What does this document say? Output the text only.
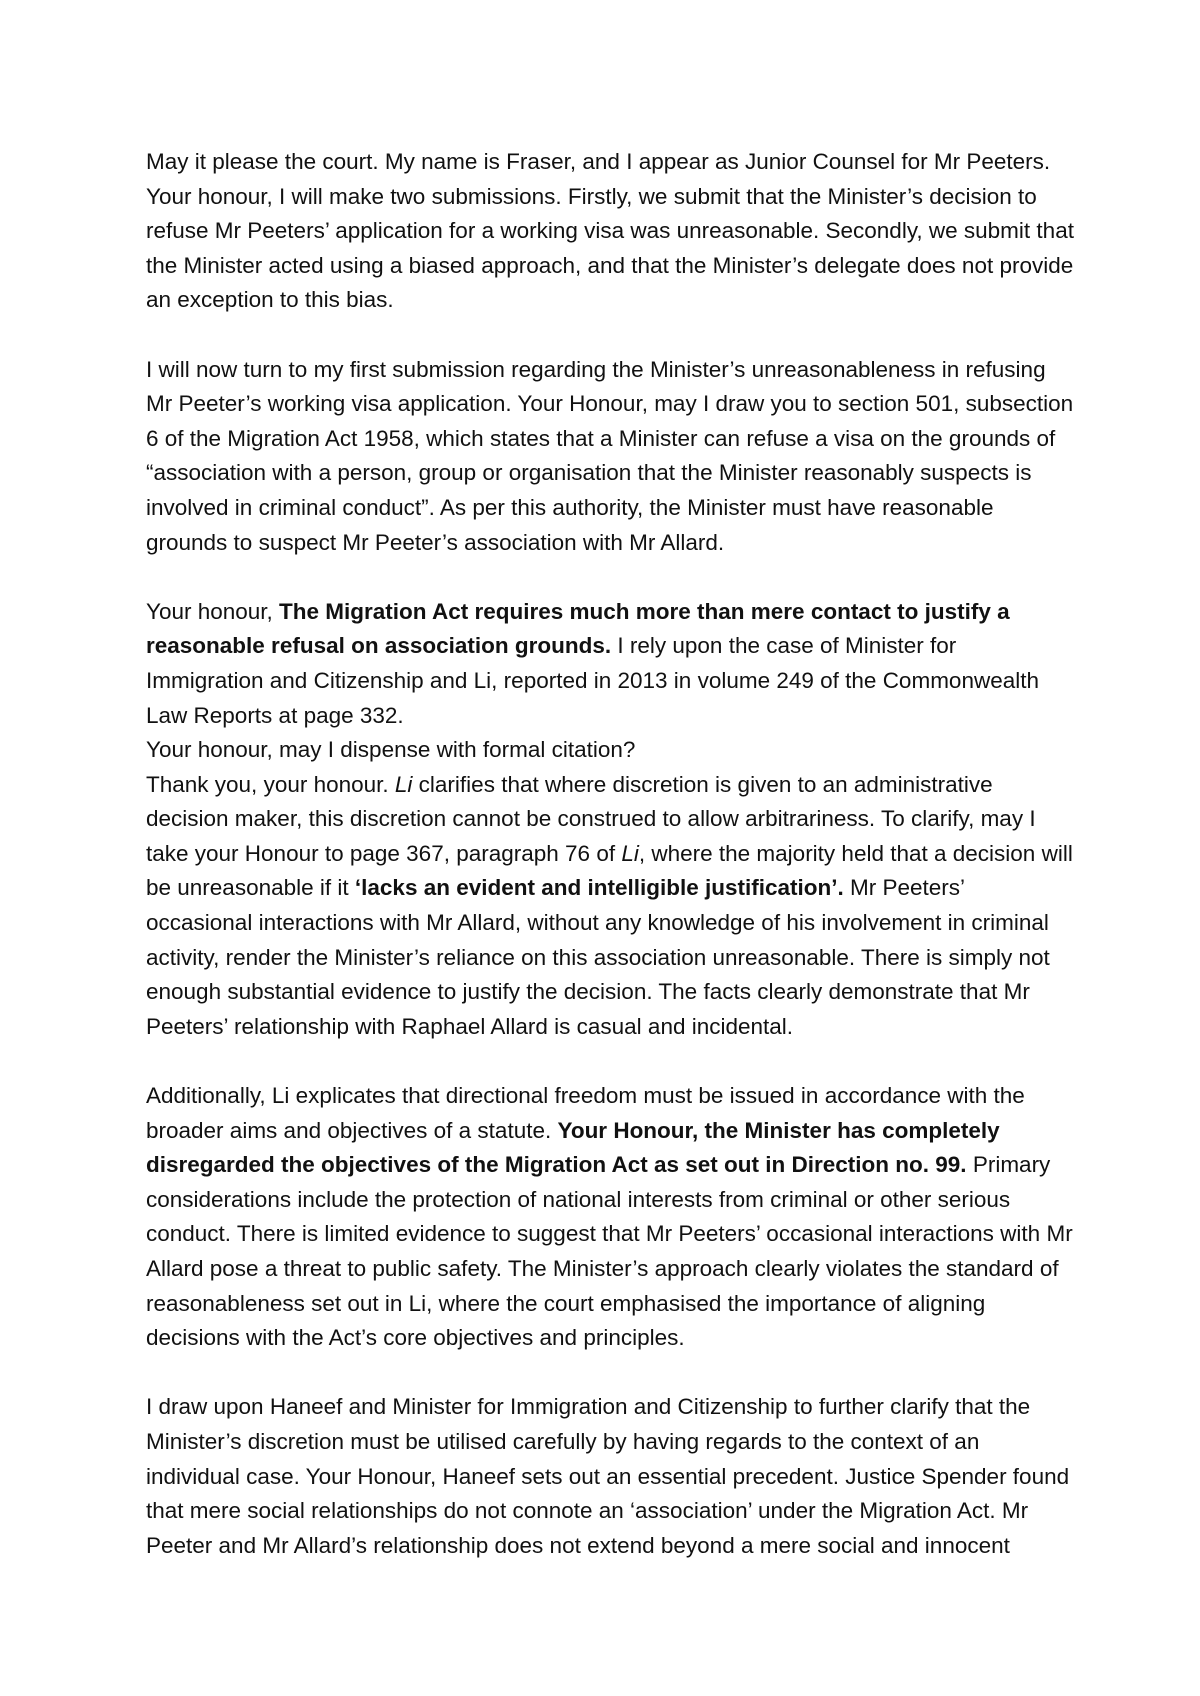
May it please the court. My name is Fraser, and I appear as Junior Counsel for Mr Peeters. Your honour, I will make two submissions. Firstly, we submit that the Minister’s decision to refuse Mr Peeters’ application for a working visa was unreasonable. Secondly, we submit that the Minister acted using a biased approach, and that the Minister’s delegate does not provide an exception to this bias.

I will now turn to my first submission regarding the Minister’s unreasonableness in refusing Mr Peeter’s working visa application. Your Honour, may I draw you to section 501, subsection 6 of the Migration Act 1958, which states that a Minister can refuse a visa on the grounds of “association with a person, group or organisation that the Minister reasonably suspects is involved in criminal conduct”. As per this authority, the Minister must have reasonable grounds to suspect Mr Peeter’s association with Mr Allard.

Your honour, The Migration Act requires much more than mere contact to justify a reasonable refusal on association grounds. I rely upon the case of Minister for Immigration and Citizenship and Li, reported in 2013 in volume 249 of the Commonwealth Law Reports at page 332.

Your honour, may I dispense with formal citation?

Thank you, your honour. Li clarifies that where discretion is given to an administrative decision maker, this discretion cannot be construed to allow arbitrariness. To clarify, may I take your Honour to page 367, paragraph 76 of Li, where the majority held that a decision will be unreasonable if it ‘lacks an evident and intelligible justification’. Mr Peeters’ occasional interactions with Mr Allard, without any knowledge of his involvement in criminal activity, render the Minister’s reliance on this association unreasonable. There is simply not enough substantial evidence to justify the decision. The facts clearly demonstrate that Mr Peeters’ relationship with Raphael Allard is casual and incidental.

Additionally, Li explicates that directional freedom must be issued in accordance with the broader aims and objectives of a statute. Your Honour, the Minister has completely disregarded the objectives of the Migration Act as set out in Direction no. 99. Primary considerations include the protection of national interests from criminal or other serious conduct. There is limited evidence to suggest that Mr Peeters’ occasional interactions with Mr Allard pose a threat to public safety. The Minister’s approach clearly violates the standard of reasonableness set out in Li, where the court emphasised the importance of aligning decisions with the Act’s core objectives and principles.

I draw upon Haneef and Minister for Immigration and Citizenship to further clarify that the Minister’s discretion must be utilised carefully by having regards to the context of an individual case. Your Honour, Haneef sets out an essential precedent. Justice Spender found that mere social relationships do not connote an ‘association’ under the Migration Act. Mr Peeter and Mr Allard’s relationship does not extend beyond a mere social and innocent
